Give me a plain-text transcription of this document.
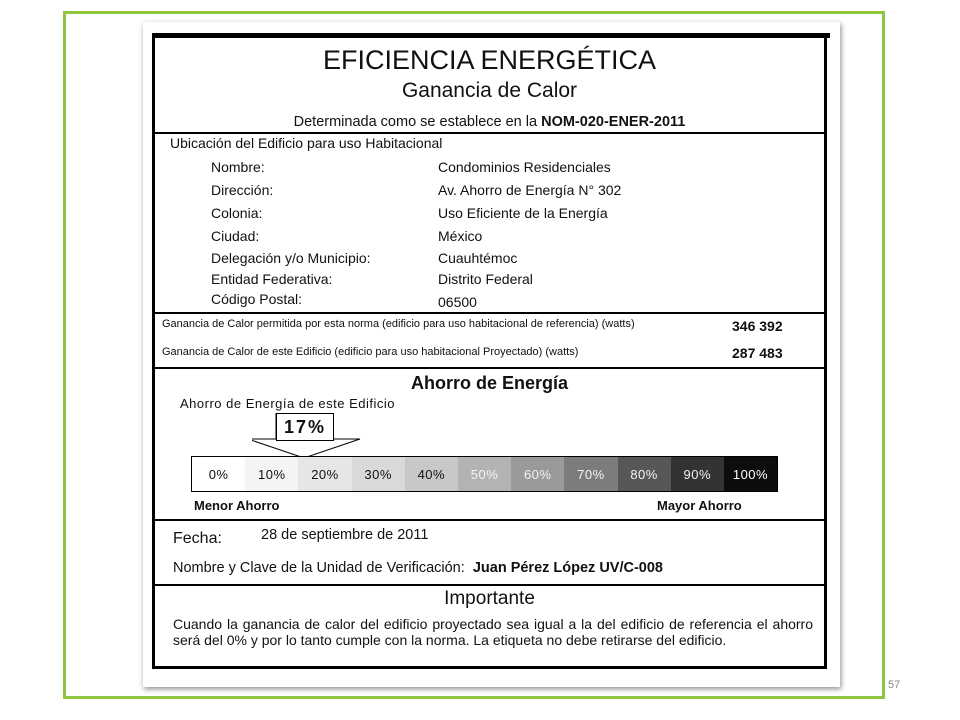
EFICIENCIA ENERGÉTICA
Ganancia de Calor
Determinada como se establece en la NOM-020-ENER-2011
Ubicación del Edificio para uso Habitacional
Nombre:	Condominios Residenciales
Dirección:	Av. Ahorro de Energía N° 302
Colonia:	Uso Eficiente de la Energía
Ciudad:	México
Delegación y/o Municipio:	Cuauhtémoc
Entidad Federativa:	Distrito Federal
Código Postal:	06500
Ganancia de Calor permitida por esta norma (edificio para uso habitacional de referencia) (watts)	346 392
Ganancia de Calor de este Edificio (edificio para uso habitacional Proyectado) (watts)	287 483
Ahorro de Energía
Ahorro de Energía de este Edificio
17%
0%	10%	20%	30%	40%	50%	60%	70%	80%	90%	100%
Menor Ahorro	Mayor Ahorro
Fecha:	28 de septiembre de 2011
Nombre y Clave de la Unidad de Verificación: Juan Pérez López UV/C-008
Importante
Cuando la ganancia de calor del edificio proyectado sea igual a la del edificio de referencia el ahorro será del 0% y por lo tanto cumple con la norma. La etiqueta no debe retirarse del edificio.
57
